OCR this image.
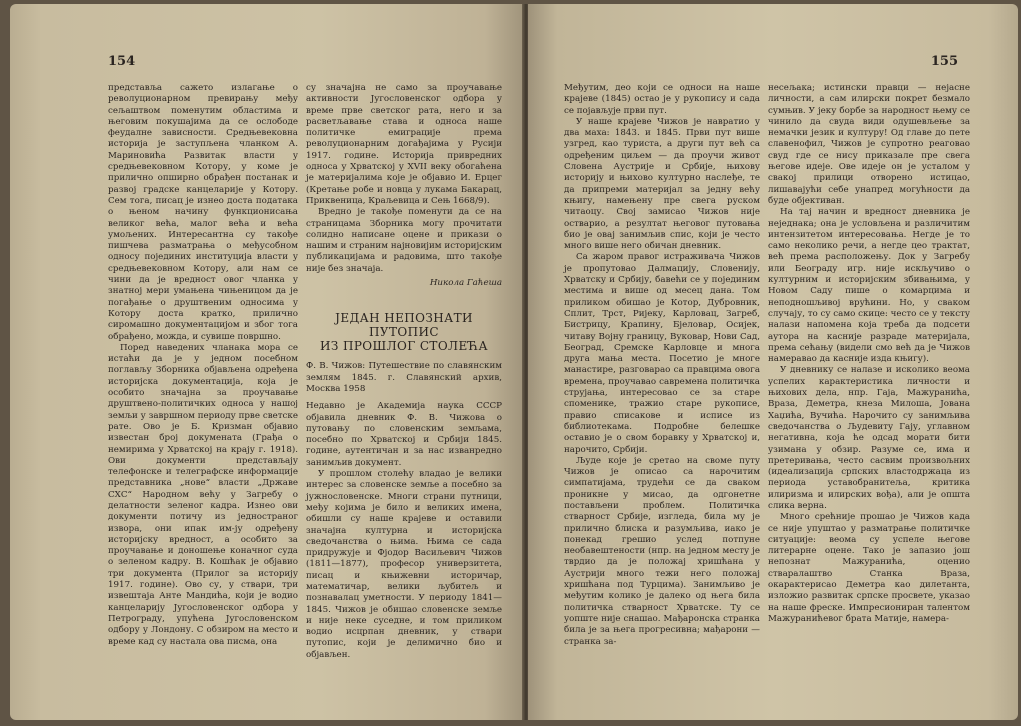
154

представља сажето излагање о револуционарном превирању међу сељаштвом поменутим областима и његовим покушајима да се ослободе феудалне зависности. Средњевековна историја је заступљена чланком А. Мариновића Развитак власти у средњевековном Котору, у коме је прилично опширно обрађен постанак и развој градске канцеларије у Котору. Сем тога, писац је изнео доста података о њеном начину функционисања великог већа, малог већа и већа умољених. Интересантна су такође пишчева разматрања о међусобном односу појединих институција власти у средњевековном Котору, али нам се чини да је вредност овог чланка у знатној мери умањена чињеницом да је погађање о друштвеним односима у Котору доста кратко, прилично сиромашно документацијом и због тога обрађено, можда, и сувише површно.

Поред наведених чланака мора се истаћи да је у једном посебном поглављу Зборника објављена одређена историјска документација, која је особито значајна за проучавање друштвено-политичких односа у нашој земљи у завршном периоду прве светске рате. Ово је Б. Кризман објавио известан број докумената (Грађа о немирима у Хрватској на крају г. 1918). Ови документи представљају телефонске и телеграфске информације представника „нове“ власти „Државе СХС“ Народном већу у Загребу о делатности зеленог кадра. Изнео ови документи потичу из једностраног извора, они ипак им-ју одређену историјску вредност, а особито за проучавање и доношење коначног суда о зеленом кадру. В. Кошћак је објавио три документа (Прилог за историју 1917. године). Ово су, у ствари, три извештаја Анте Мандића, који је водио канцеларију Југословенског одбора у Петрограду, упућена Југословенском одбору у Лондону. С обзиром на место и време кад су настала ова писма, она

су значајна не само за проучавање активности Југословенског одбора у време прве светског рата, него и за расветљавање става и односа наше политичке емиграције према револуционарним догађајима у Русији 1917. године. Историја привредних односа у Хрватској у XVII веку обогаћена је материјалима које је објавио И. Ерцег (Кретање робе и новца у лукама Бакарац, Приквеница, Краљевица и Сењ 1668/9).

Вредно је такође поменути да се на страницама Зборника могу прочитати солидно написане оцене и прикази о нашим и страним најновијим историјским публикацијама и радовима, што такође није без значаја.

Никола Гаћеша
ЈЕДАН НЕПОЗНАТИ ПУТОПИС
ИЗ ПРОШЛОГ СТОЛЕЋА
Ф. В. Чижов: Путешествие по славянским землям 1845. г. Славянский архив, Москва 1958

Недавно је Академија наука СССР објавила дневник Ф. В. Чижова о путовању по словенским земљама, посебно по Хрватској и Србији 1845. године, аутентичан и за нас изванредно занимљив документ.

У прошлом столећу владао је велики интерес за словенске земље а посебно за јужнословенске. Многи страни путници, међу којима је било и великих имена, обишли су наше крајеве и оставили значајна културна и историјска сведочанства о њима. Њима се сада придружује и Фјодор Васиљевич Чижов (1811—1877), професор универзитета, писац и књижевни историчар, математичар, велики љубитељ и познавалац уметности. У периоду 1841—1845. Чижов је обишао словенске земље и није неке суседне, и том приликом водио исцрпан дневник, у ствари путопис, који је делимично био и објављен.

155

Међутим, део који се односи на наше крајеве (1845) остао је у рукопису и сада се појављује први пут.

У наше крајеве Чижов је навратио у два маха: 1843. и 1845. Први пут више узгред, као туриста, а други пут већ са одређеним циљем — да проучи живот Словена Аустрије и Србије, њихову историју и њихово културно наслеђе, те да припреми материјал за једну већу књигу, намењену пре свега руском читаоцу. Свој замисао Чижов није остварио, а резултат његовог путовања био је овај занимљив спис, који је често много више него обичан дневник.

Са жаром правог истраживача Чижов је пропутовао Далмацију, Словенију, Хрватску и Србију, бавећи се у појединим местима и више од месец дана. Том приликом обишао је Котор, Дубровник, Сплит, Трст, Ријеку, Карловац, Загреб, Бистрицу, Крапину, Бјеловар, Осијек, читаву Војну границу, Вуковар, Нови Сад, Београд, Сремске Карловце и многа друга мања места. Посетио је многе манастире, разговарао са правцима овога времена, проучавао савремена политичка струјања, интересовао се за старе споменике, тражио старе рукописе, правио списакове и исписе из библиотекама. Подробне белешке оставио је о свом боравку у Хрватској и, нарочито, Србији.

Људе које је сретао на своме путу Чижов је описао са нарочитим симпатијама, трудећи се да сваком проникне у мисао, да одгонетне постављени проблем. Политичка стварност Србије, изгледа, била му је прилично блиска и разумљива, иако је понекад грешио услед потпуне необавештености (нпр. на једном месту је тврдио да је положај хришћана у Аустрији много тежи него положај хришћана под Турцима). Занимљиво је међутим колико је далеко од њега била политичка стварност Хрватске. Ту се уопште није снашао. Мађаронска странка била је за њега прогресивна; мађарони — странка за-

несељака; истински правци — нејасне личности, а сам илирски покрет безмало сумњив. У јеку борбе за народност њему се чинило да свуда види одушевљење за немачки језик и културу! Од главе до пете славенофил, Чижов је супротно реаговао свуд где се нису приказале пре свега његове идеје. Ове идеје он је усталом у свакој прилици отворено истицао, лишавајући себе унапред могућности да буде објективан.

На тај начин и вредност дневника је неједнака; она је условљена и различитим интензитетом интересовања. Негде је то само неколико речи, а негде цео трактат, већ према расположењу. Док у Загребу или Београду игр. није искључиво о културним и историјским збивањима, у Новом Саду пише о комарцима и неподношљивој врућини. Но, у сваком случају, то су само скице: често се у тексту налази напомена која треба да подсети аутора на касније разраде материјала, према сећању (видели смо већ да је Чижов намеравао да касније изда књигу).

У дневнику се налазе и исколико веома успелих карактеристика личности и њихових дела, нпр. Гаја, Мажуранића, Враза, Деметра, кнеза Милоша, Јована Хаџића, Вучића. Нарочито су занимљива сведочанства о Људевиту Гају, углавном негативна, која ће одсад морати бити узимана у обзир. Разуме се, има и претеривања, често сасвим произвољних (идеализација српских властодржаца из периода уставобранитеља, критика илиризма и илирских вођа), али је општа слика верна.

Много срећније прошао је Чижов када се није упуштао у разматрање политичке ситуације: веома су успеле његове литерарне оцене. Тако је запазио још непознат Мажуранића, оценио стваралаштво Станка Враза, окарактерисао Деметра као дилетанта, изложио развитак српске просвете, указао на наше фреске. Импресиониран талентом Мажуранићевог брата Матије, намера-
